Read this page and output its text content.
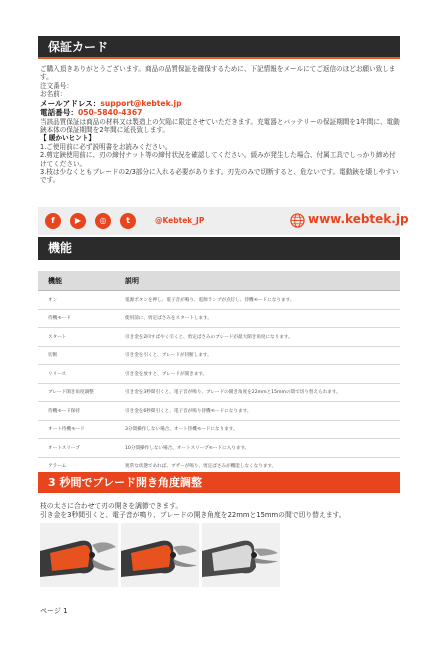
保証カード
ご購入頂きありがとうございます。商品の品質保証を確保するために、下記情報をメールにてご返信のほどお願い致します。
注文番号：
お名前：
メールアドレス：support@kebtek.jp
電話番号：050-5840-4367
当該品質保証は商品の材料又は製造上の欠陥に限定させていただきます。充電器とバッテリーの保証期間を1年間に、電動鋏本体の保証期間を2年間に延長致します。
【 暖かいヒント】
1.ご使用前に必ず説明書をお読みください。
2.剪定鋏使用前に、刃の締付ナット等の締付状況を確認してください。緩みが発生した場合、付属工具でしっかり締め付けてください。
3.枝は少なくともブレードの2/3部分に入れる必要があります。刃先のみで切断すると、危ないです。電動鋏を壊しやすいです。
f	▶	◎	t	@Kebtek_JP	www.kebtek.jp
機能
機能	説明
オン	電源ボタンを押し、電子音が鳴り、電源ランプが点灯し、待機モードになります。
待機モード	使用前に、剪定ばさみをスタートします。
スタート	引き金を2回すばやく引くと、剪定ばさみのブレードが最大開き角度になります。
切断	引き金を引くと、ブレードが切断します。
リリース	引き金を放すと、ブレードが開きます。
ブレード開き角度調整	引き金を3秒間引くと、電子音が鳴り、ブレードの開き角度を22mmと15mmの間で切り替えられます。
待機モード保持	引き金を6秒間引くと、電子音が鳴り待機モードになります。
オート待機モード	3分間操作しない場合、オート待機モードになります。
オートスリープ	10分間操作しない場合、オートスリープモードに入ります。
アラーム	異常な状態であれば、ブザーが鳴り、剪定ばさみが機能しなくなります。
3 秒間でブレード開き角度調整
枝の太さに合わせて刃の開きを調節できます。
引き金を3秒間引くと、電子音が鳴り、ブレードの開き角度を22mmと15mmの間で切り替えます。
ページ 1
